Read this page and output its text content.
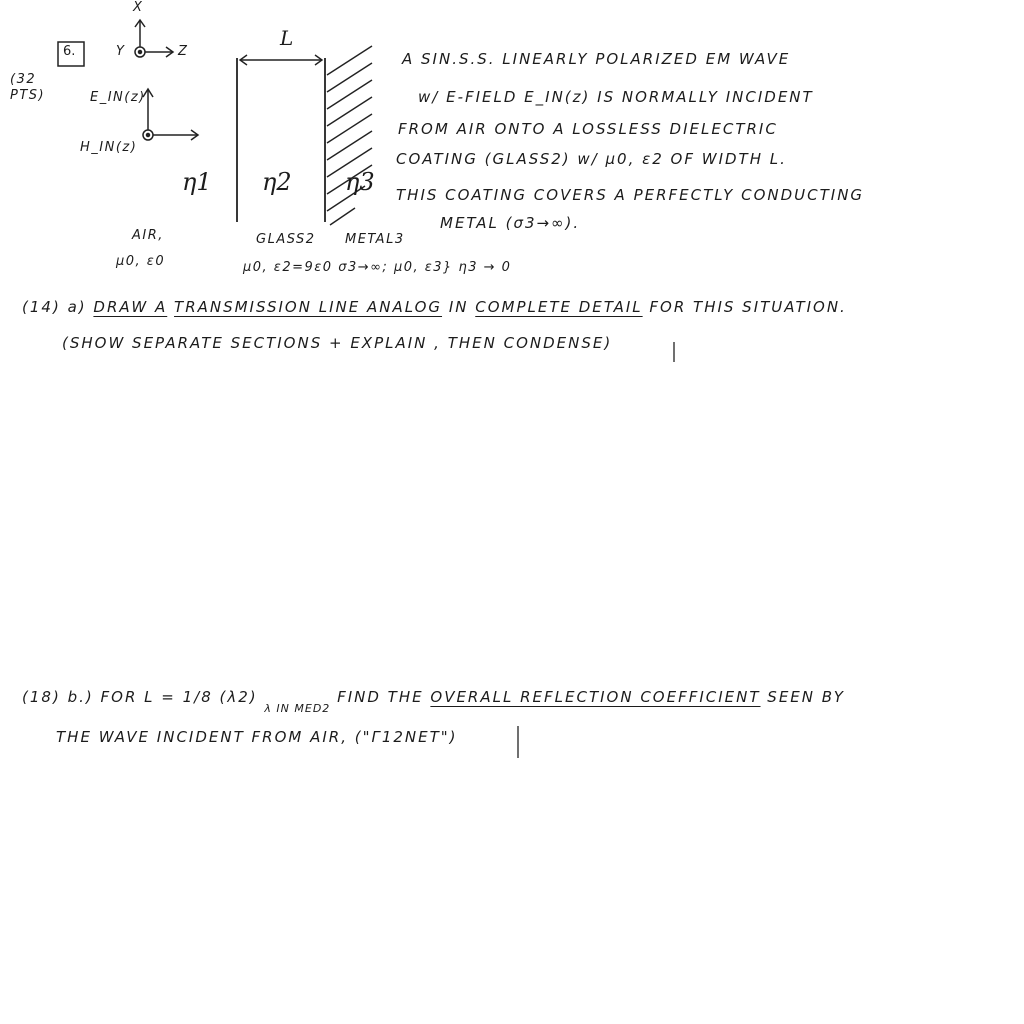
6.
(32 PTS)
Y
X
Z
E_IN(z)
H_IN(z)
L
η1 η2 η3
AIR,
μ0, ε0
GLASS2 METAL3
μ0, ε2=9ε0 σ3→∞; μ0, ε3} η3 → 0
A SIN.S.S. LINEARLY POLARIZED EM WAVE
w/ E-FIELD E_IN(z) IS NORMALLY INCIDENT
FROM AIR ONTO A LOSSLESS DIELECTRIC
COATING (GLASS2) w/ μ0, ε2 OF WIDTH L.
THIS COATING COVERS A PERFECTLY CONDUCTING
METAL (σ3→∞).
(14) a) DRAW A TRANSMISSION LINE ANALOG IN COMPLETE DETAIL FOR THIS SITUATION.
(SHOW SEPARATE SECTIONS + EXPLAIN , THEN CONDENSE)
(18) b.) FOR L = 1/8 (λ2) $_{\lambda IN MED2}$ FIND THE OVERALL REFLECTION COEFFICIENT SEEN BY
THE WAVE INCIDENT FROM AIR, ("Γ12NET")
